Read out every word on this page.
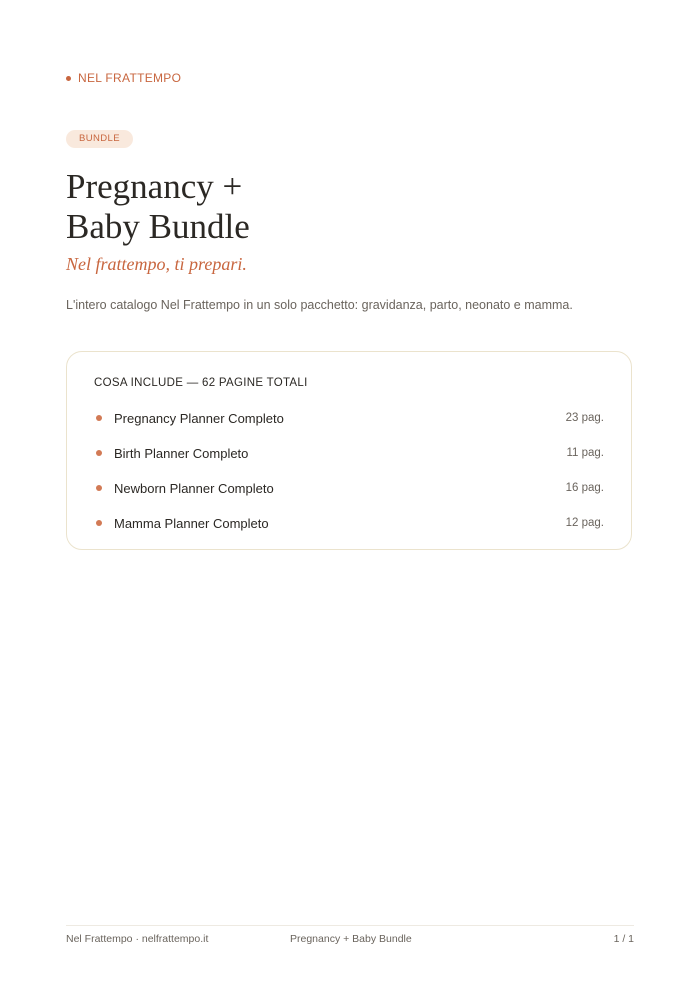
NEL FRATTEMPO
BUNDLE
Pregnancy +
Baby Bundle
Nel frattempo, ti prepari.
L'intero catalogo Nel Frattempo in un solo pacchetto: gravidanza, parto, neonato e mamma.
COSA INCLUDE — 62 PAGINE TOTALI
Pregnancy Planner Completo	23 pag.
Birth Planner Completo	11 pag.
Newborn Planner Completo	16 pag.
Mamma Planner Completo	12 pag.
Nel Frattempo · nelfrattempo.it	Pregnancy + Baby Bundle	1 / 1
